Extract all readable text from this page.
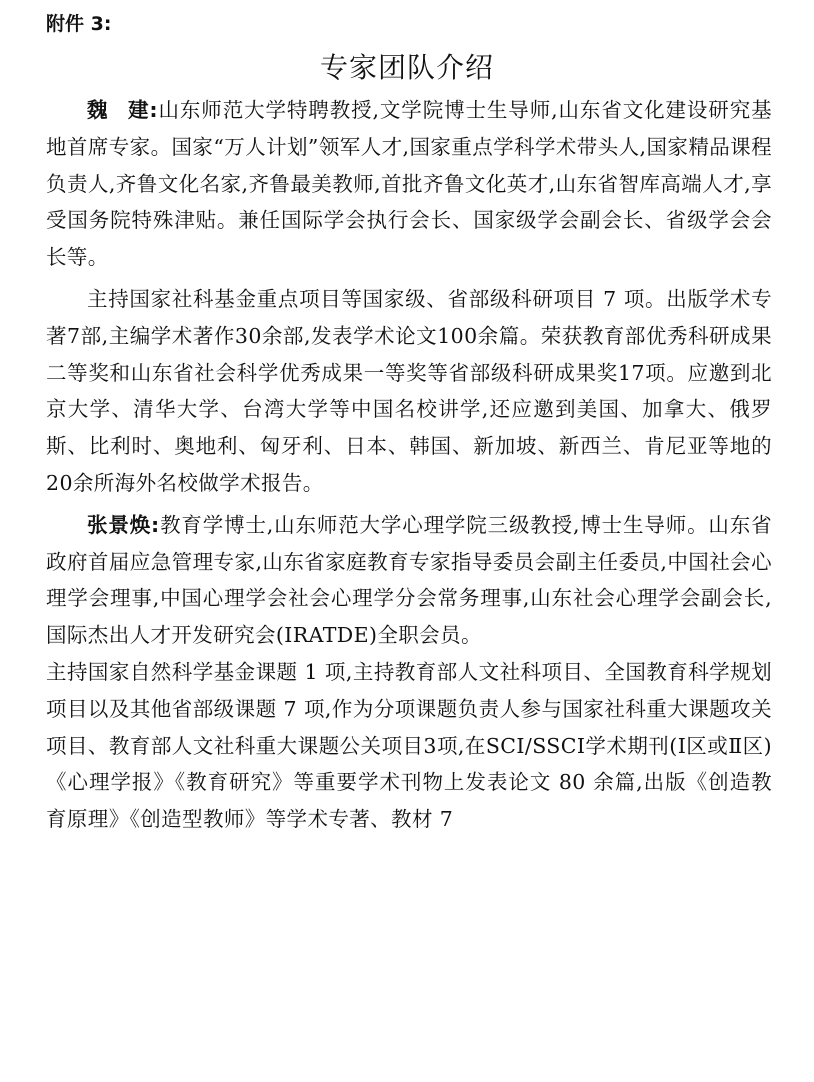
附件 3:

专家团队介绍

魏建:山东师范大学特聘教授,文学院博士生导师,山东省文化建设研究基地首席专家。国家“万人计划”领军人才,国家重点学科学术带头人,国家精品课程负责人,齐鲁文化名家,齐鲁最美教师,首批齐鲁文化英才,山东省智库高端人才,享受国务院特殊津贴。兼任国际学会执行会长、国家级学会副会长、省级学会会长等。

主持国家社科基金重点项目等国家级、省部级科研项目 7 项。出版学术专著7部,主编学术著作30余部,发表学术论文100余篇。荣获教育部优秀科研成果二等奖和山东省社会科学优秀成果一等奖等省部级科研成果奖17项。应邀到北京大学、清华大学、台湾大学等中国名校讲学,还应邀到美国、加拿大、俄罗斯、比利时、奥地利、匈牙利、日本、韩国、新加坡、新西兰、肯尼亚等地的20余所海外名校做学术报告。

张景焕:教育学博士,山东师范大学心理学院三级教授,博士生导师。山东省政府首届应急管理专家,山东省家庭教育专家指导委员会副主任委员,中国社会心理学会理事,中国心理学会社会心理学分会常务理事,山东社会心理学会副会长,国际杰出人才开发研究会(IRATDE)全职会员。

主持国家自然科学基金课题 1 项,主持教育部人文社科项目、全国教育科学规划项目以及其他省部级课题 7 项,作为分项课题负责人参与国家社科重大课题攻关项目、教育部人文社科重大课题公关项目3项,在SCI/SSCI学术期刊(Ⅰ区或Ⅱ区)《心理学报》《教育研究》等重要学术刊物上发表论文 80 余篇,出版《创造教育原理》《创造型教师》等学术专著、教材 7
